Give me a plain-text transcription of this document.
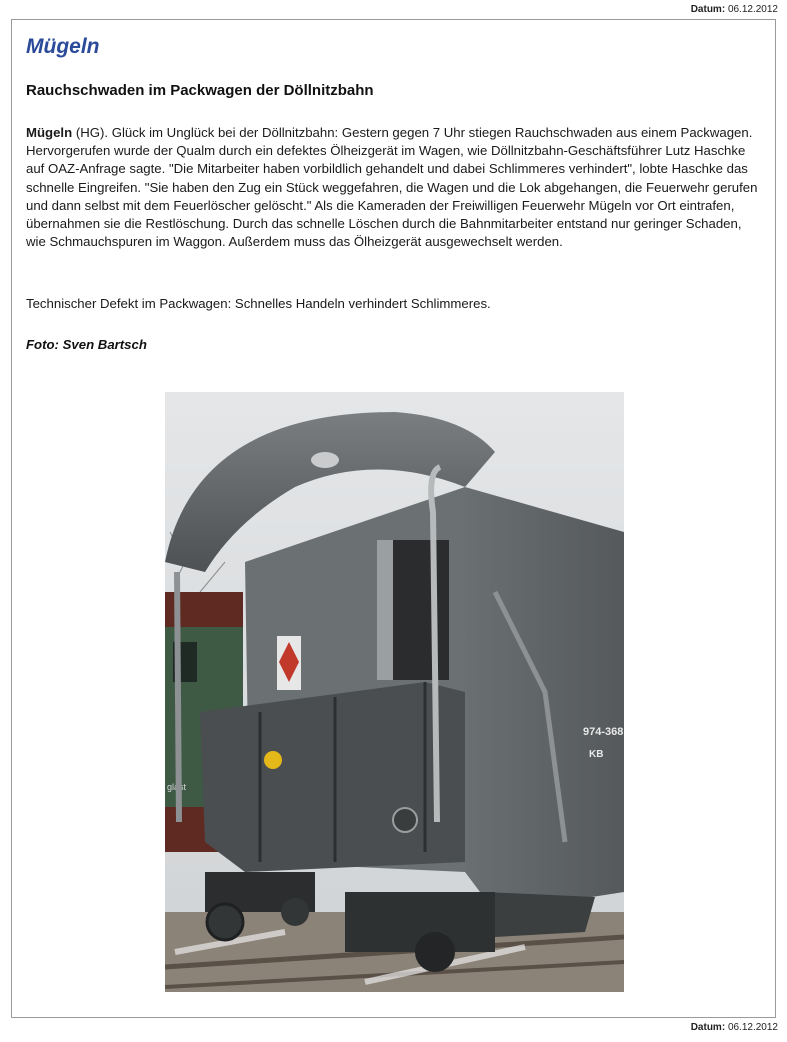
Datum: 06.12.2012
Mügeln
Rauchschwaden im Packwagen der Döllnitzbahn

Mügeln (HG). Glück im Unglück bei der Döllnitzbahn: Gestern gegen 7 Uhr stiegen Rauchschwaden aus einem Packwagen. Hervorgerufen wurde der Qualm durch ein defektes Ölheizgerät im Wagen, wie Döllnitzbahn-Geschäftsführer Lutz Haschke auf OAZ-Anfrage sagte. "Die Mitarbeiter haben vorbildlich gehandelt und dabei Schlimmeres verhindert", lobte Haschke das schnelle Eingreifen. "Sie haben den Zug ein Stück weggefahren, die Wagen und die Lok abgehangen, die Feuerwehr gerufen und dann selbst mit dem Feuerlöscher gelöscht." Als die Kameraden der Freiwilligen Feuerwehr Mügeln vor Ort eintrafen, übernahmen sie die Restlöschung. Durch das schnelle Löschen durch die Bahnmitarbeiter entstand nur geringer Schaden, wie Schmauchspuren im Waggon. Außerdem muss das Ölheizgerät ausgewechselt werden.

Technischer Defekt im Packwagen: Schnelles Handeln verhindert Schlimmeres.

Foto: Sven Bartsch
glast
974-368
KB
Datum: 06.12.2012
